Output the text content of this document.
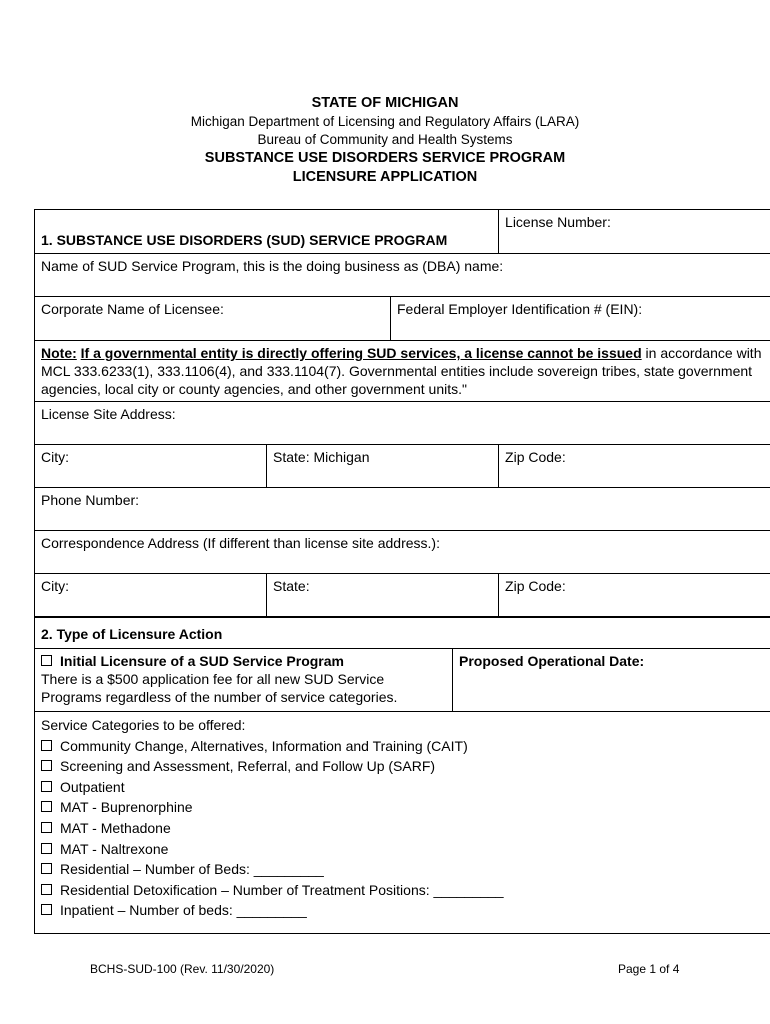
STATE OF MICHIGAN
Michigan Department of Licensing and Regulatory Affairs (LARA)
Bureau of Community and Health Systems
SUBSTANCE USE DISORDERS SERVICE PROGRAM
LICENSURE APPLICATION
1. SUBSTANCE USE DISORDERS (SUD) SERVICE PROGRAM			License Number:
Name of SUD Service Program, this is the doing business as (DBA) name:			
Corporate Name of Licensee:		Federal Employer Identification # (EIN):	
Note: If a governmental entity is directly offering SUD services, a license cannot be issued in accordance with MCL 333.6233(1), 333.1106(4), and 333.1104(7). Governmental entities include sovereign tribes, state government agencies, local city or county agencies, and other government units."			
License Site Address:			
City:	State: Michigan		Zip Code:
Phone Number:			
Correspondence Address (If different than license site address.):			
City:	State:		Zip Code:
2. Type of Licensure Action

Initial Licensure of a SUD Service Program
There is a $500 application fee for all new SUD Service Programs regardless of the number of service categories.
	Proposed Operational Date:

Service Categories to be offered:
Community Change, Alternatives, Information and Training (CAIT)
Screening and Assessment, Referral, and Follow Up (SARF)
Outpatient
MAT - Buprenorphine
MAT - Methadone
MAT - Naltrexone
Residential – Number of Beds: _________
Residential Detoxification – Number of Treatment Positions: _________
Inpatient – Number of beds: _________
BCHS-SUD-100 (Rev. 11/30/2020)	Page 1 of 4
